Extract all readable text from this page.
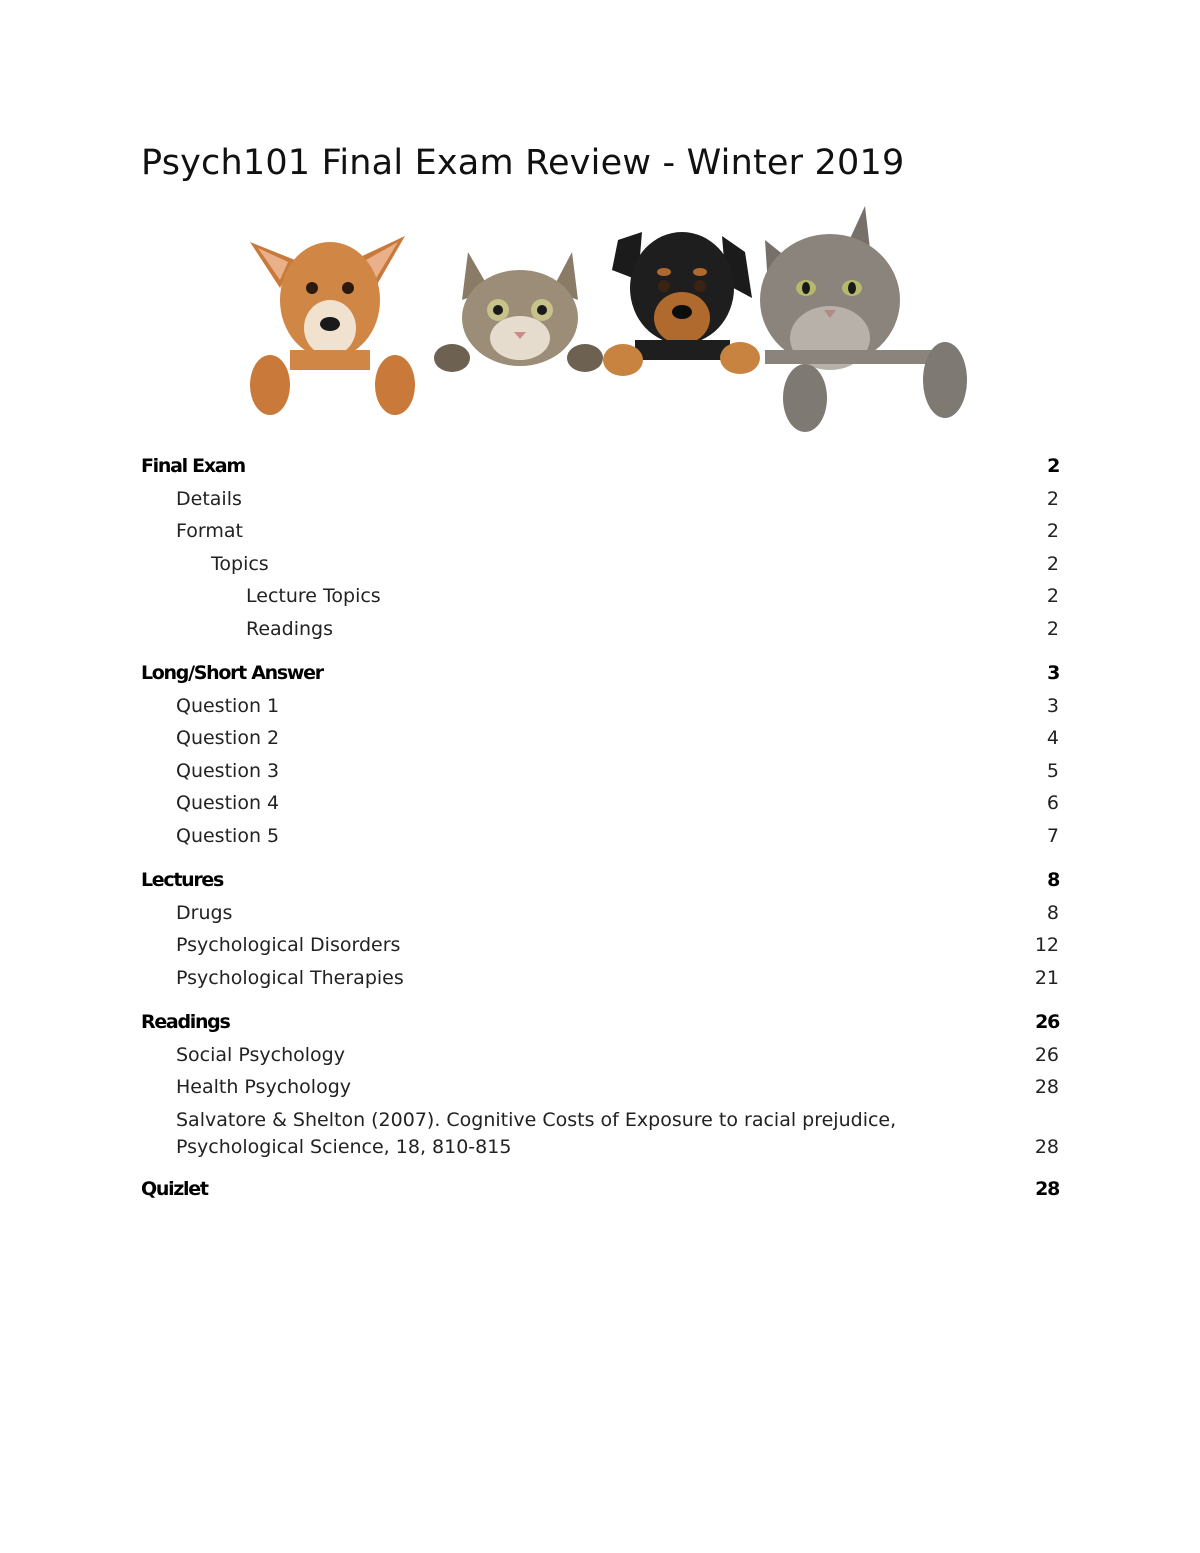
Psych101 Final Exam Review - Winter 2019
Final Exam	2
Details	2
Format	2
Topics	2
Lecture Topics	2
Readings	2
Long/Short Answer	3
Question 1	3
Question 2	4
Question 3	5
Question 4	6
Question 5	7
Lectures	8
Drugs	8
Psychological Disorders	12
Psychological Therapies	21
Readings	26
Social Psychology	26
Health Psychology	28
Salvatore & Shelton (2007). Cognitive Costs of Exposure to racial prejudice, Psychological Science, 18, 810-815	28
Quizlet	28
